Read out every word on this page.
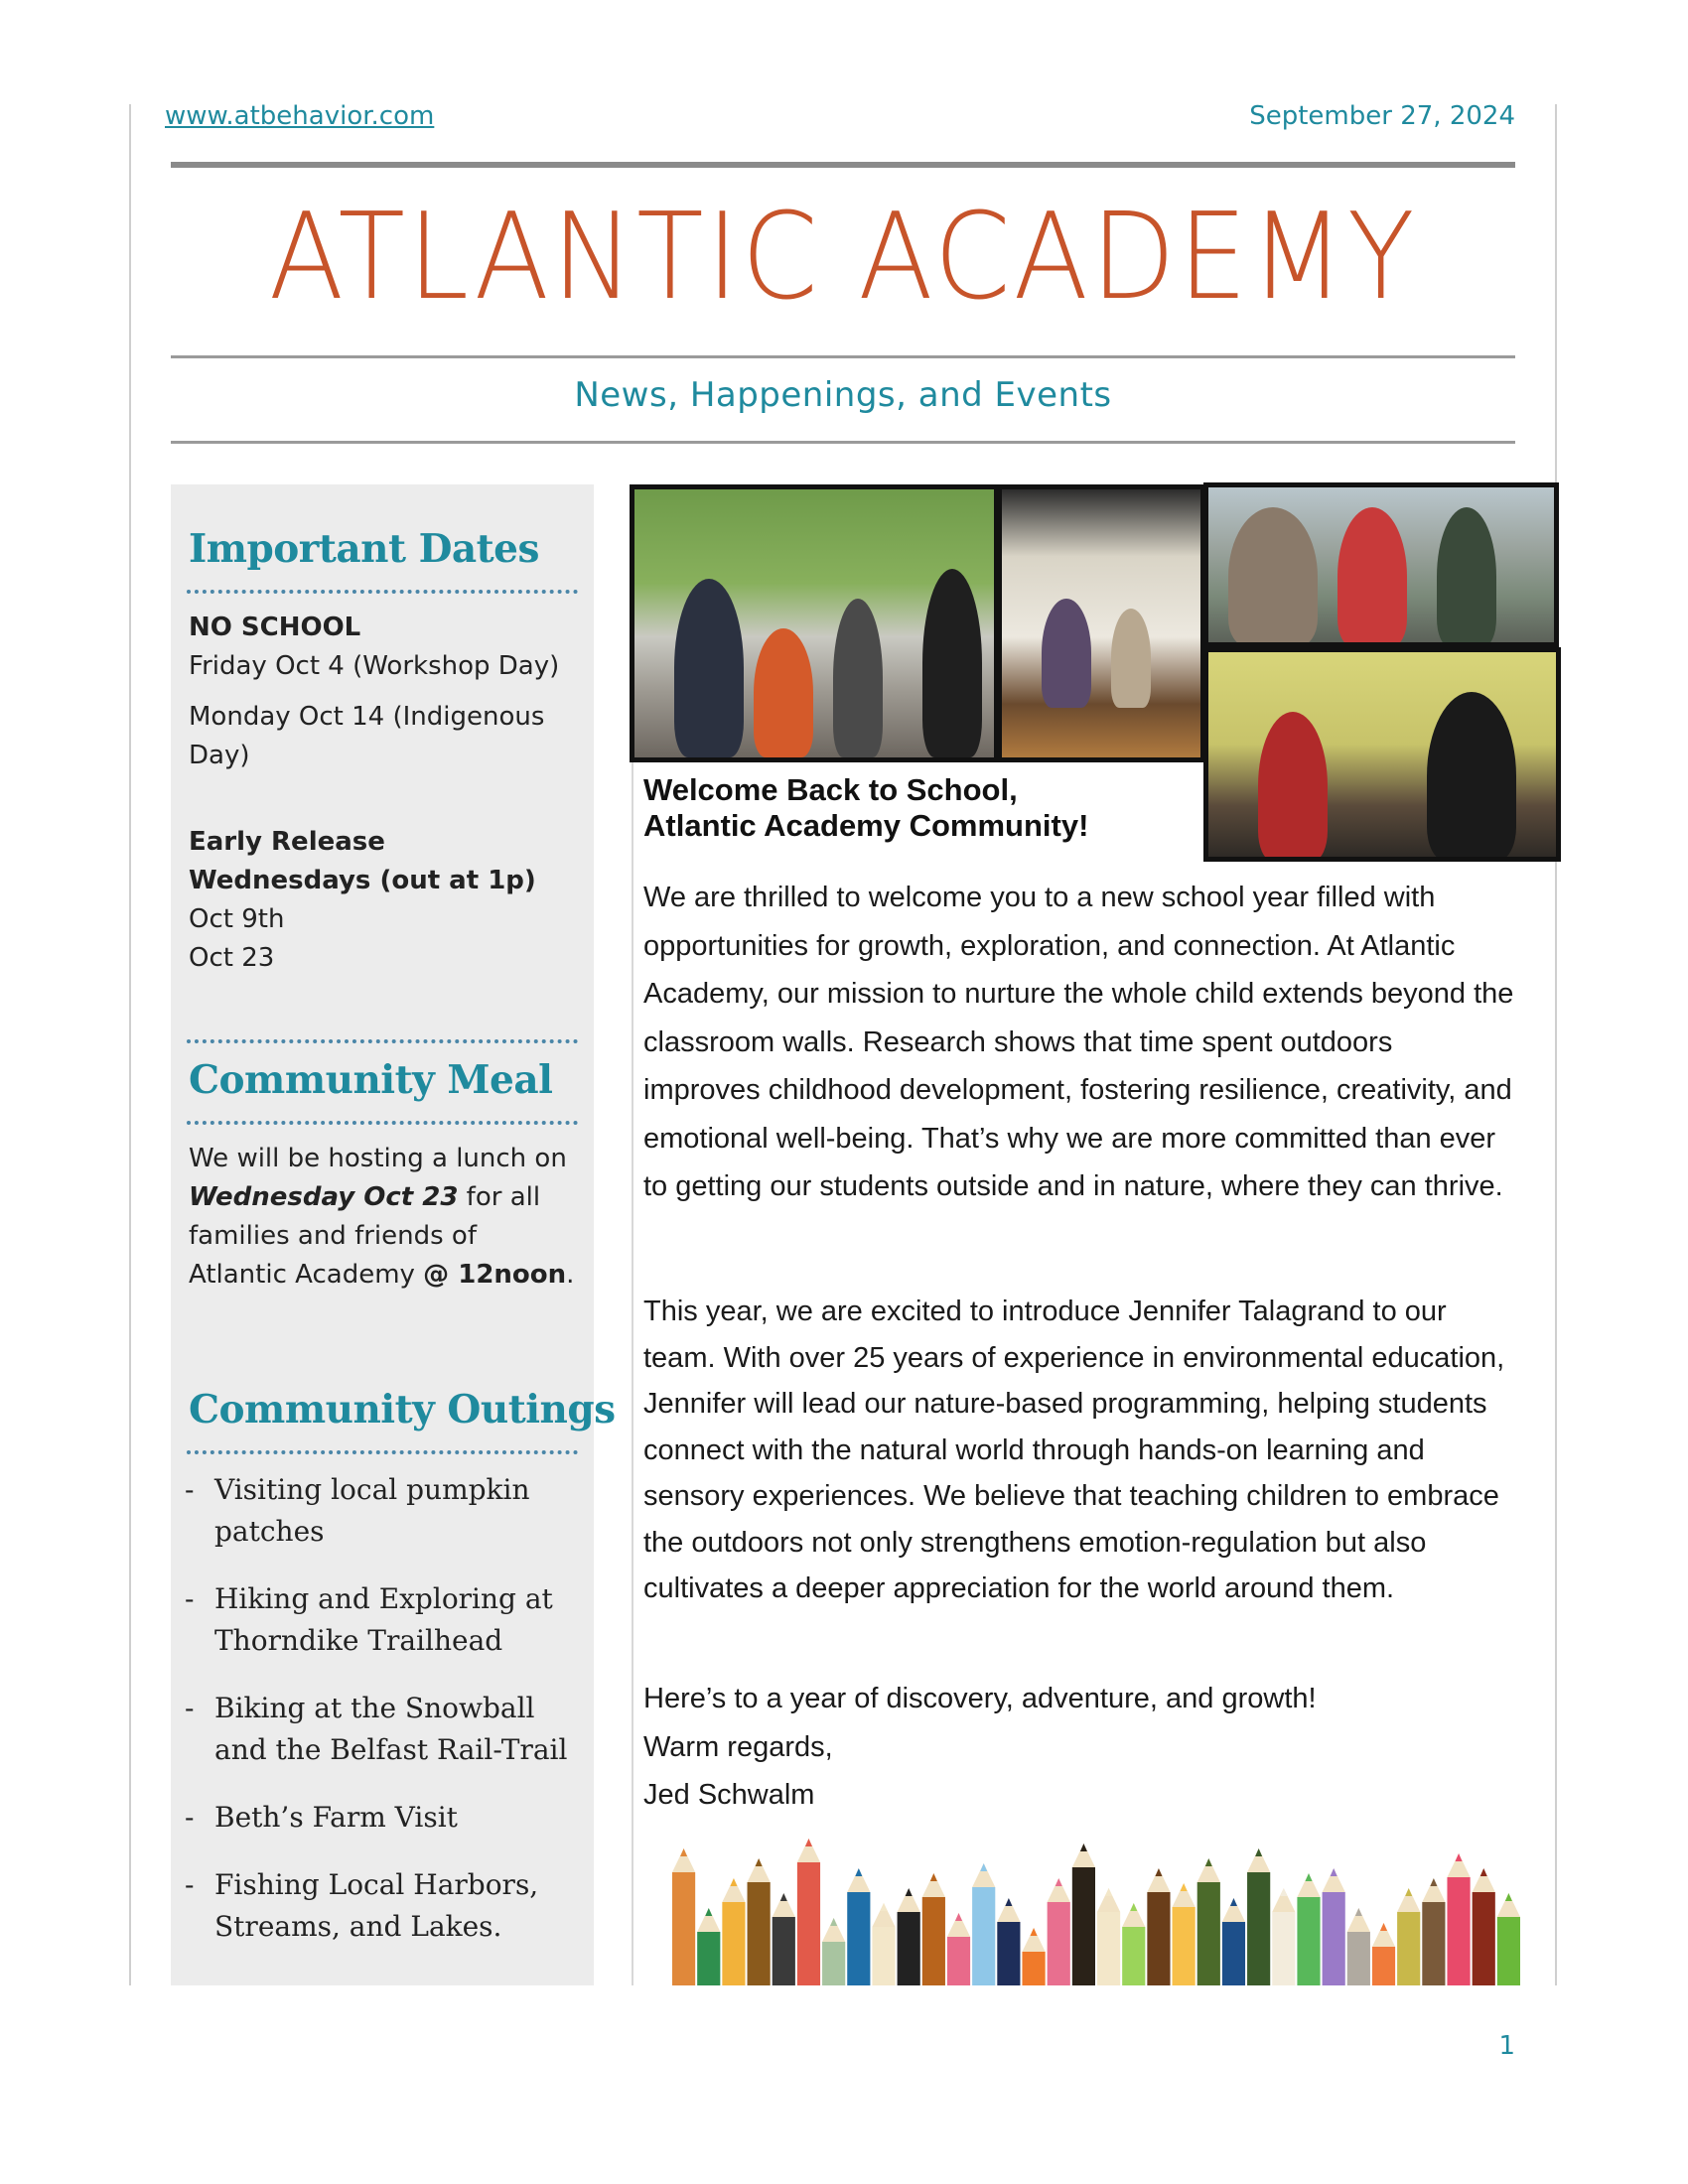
www.atbehavior.com	September 27, 2024
ATLANTIC ACADEMY
News, Happenings, and Events
Important Dates
NO SCHOOL
Friday Oct 4 (Workshop Day)
Monday Oct 14 (Indigenous Day)
Early Release Wednesdays (out at 1p)
Oct 9th
Oct 23
Community Meal
We will be hosting a lunch on Wednesday Oct 23 for all families and friends of Atlantic Academy @ 12noon.
Community Outings
- Visiting local pumpkin patches
- Hiking and Exploring at Thorndike Trailhead
- Biking at the Snowball and the Belfast Rail-Trail
- Beth’s Farm Visit
- Fishing Local Harbors, Streams, and Lakes.
Welcome Back to School,
Atlantic Academy Community!
We are thrilled to welcome you to a new school year filled with opportunities for growth, exploration, and connection. At Atlantic Academy, our mission to nurture the whole child extends beyond the classroom walls. Research shows that time spent outdoors improves childhood development, fostering resilience, creativity, and emotional well-being. That’s why we are more committed than ever to getting our students outside and in nature, where they can thrive.
This year, we are excited to introduce Jennifer Talagrand to our team. With over 25 years of experience in environmental education, Jennifer will lead our nature-based programming, helping students connect with the natural world through hands-on learning and sensory experiences. We believe that teaching children to embrace the outdoors not only strengthens emotion-regulation but also cultivates a deeper appreciation for the world around them.
Here’s to a year of discovery, adventure, and growth!
Warm regards,
Jed Schwalm
1
